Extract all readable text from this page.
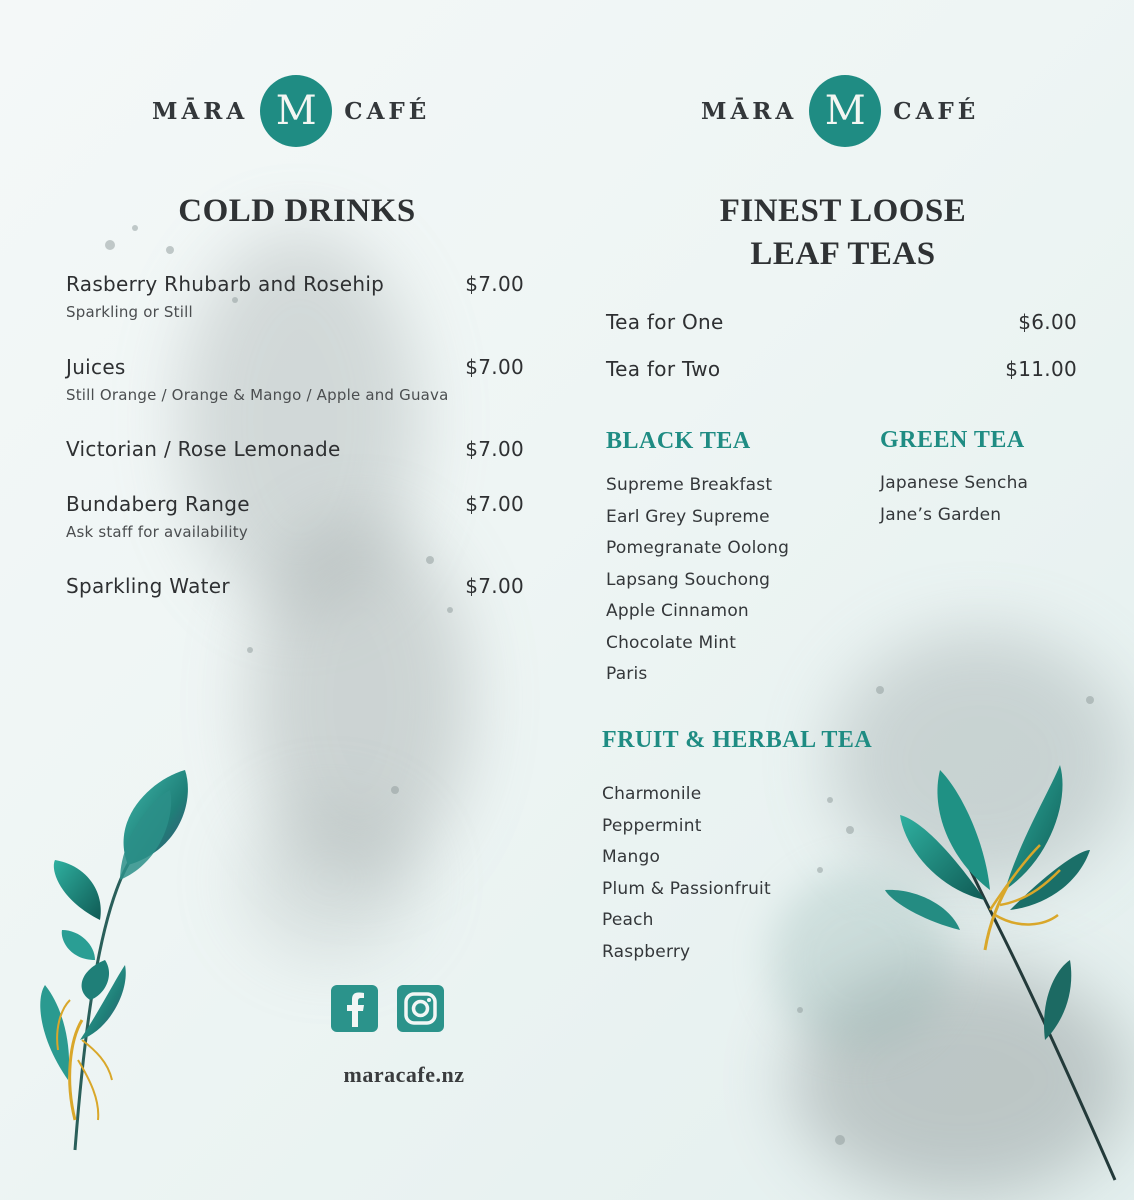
MĀRA M	CAFÉ
COLD DRINKS
Rasberry Rhubarb and Rosehip	$7.00
Sparkling or Still
Juices	$7.00
Still Orange / Orange & Mango / Apple and Guava
Victorian / Rose Lemonade	$7.00
Bundaberg Range	$7.00
Ask staff for availability
Sparkling Water	$7.00
maracafe.nz
MĀRA M	CAFÉ
FINEST LOOSE
LEAF TEAS
Tea for One	$6.00
Tea for Two	$11.00
BLACK TEA
Supreme Breakfast
Earl Grey Supreme
Pomegranate Oolong
Lapsang Souchong
Apple Cinnamon
Chocolate Mint
Paris
GREEN TEA
Japanese Sencha
Jane’s Garden
FRUIT & HERBAL TEA
Charmonile
Peppermint
Mango
Plum & Passionfruit
Peach
Raspberry
